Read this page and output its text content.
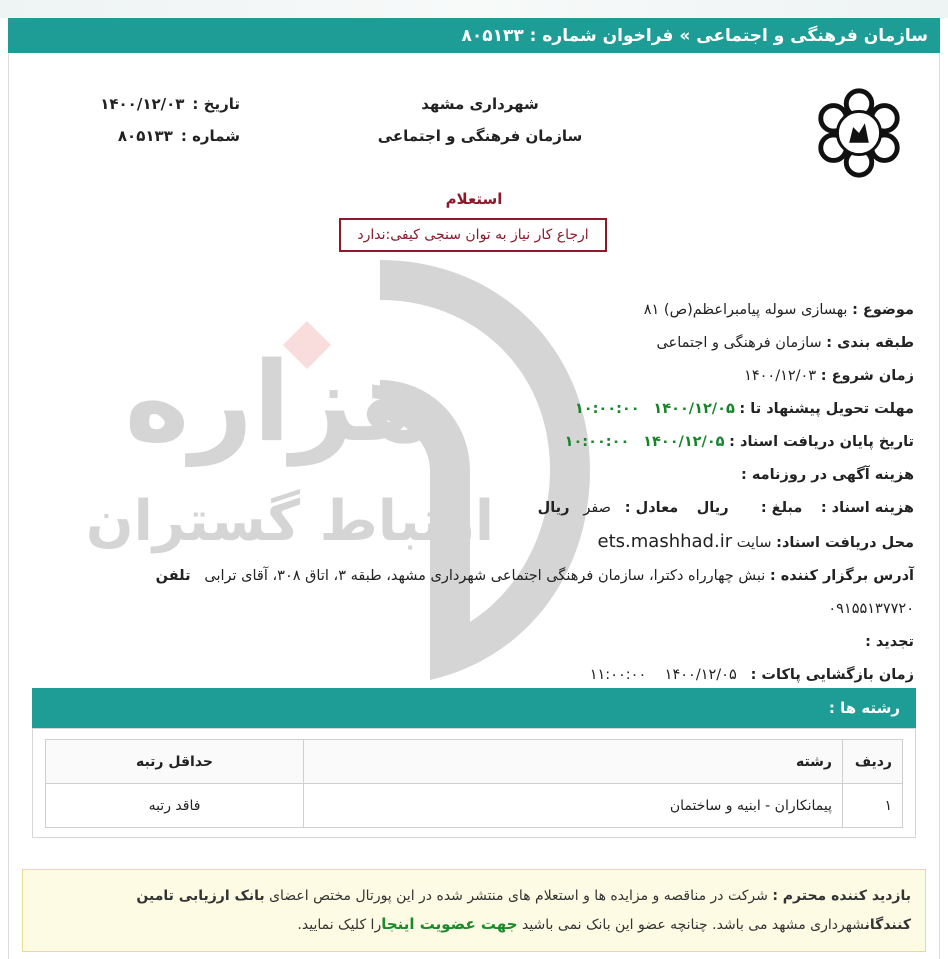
سازمان فرهنگی و اجتماعی » فراخوان شماره : ۸۰۵۱۳۳
شهرداری مشهد
سازمان فرهنگی و اجتماعی
تاریخ :
۱۴۰۰/۱۲/۰۳
شماره :
۸۰۵۱۳۳
استعلام
ارجاع کار نیاز به توان سنجی کیفی:ندارد
موضوع : بهسازی سوله پیامبراعظم(ص) ۸۱
طبقه بندی : سازمان فرهنگی و اجتماعی
زمان شروع : ۱۴۰۰/۱۲/۰۳
مهلت تحویل پیشنهاد تا : ۱۴۰۰/۱۲/۰۵   ۱۰:۰۰:۰۰
تاریخ پایان دریافت اسناد : ۱۴۰۰/۱۲/۰۵   ۱۰:۰۰:۰۰
هزینه آگهی در روزنامه :
هزینه اسناد :    مبلغ :       ریال    معادل :   صفر   ریال
محل دریافت اسناد: سایت ets.mashhad.ir
آدرس برگزار کننده : نبش چهارراه دکترا، سازمان فرهنگی اجتماعی شهرداری مشهد، طبقه ۳، اتاق ۳۰۸، آقای ترابی   تلفن
۰۹۱۵۵۱۳۷۷۲۰
تجدید :
زمان بازگشایی پاکات :   ۱۴۰۰/۱۲/۰۵    ۱۱:۰۰:۰۰
رشته ها :
ردیف	رشته	حداقل رتبه
۱	پیمانکاران - ابنیه و ساختمان	فاقد رتبه
بازدید کننده محترم : شرکت در مناقصه و مزایده ها و استعلام های منتشر شده در این پورتال مختص اعضای بانک ارزیابی تامین کنندگانشهرداری مشهد می باشد. چنانچه عضو این بانک نمی باشید جهت عضویت اینجارا کلیک نمایید.
